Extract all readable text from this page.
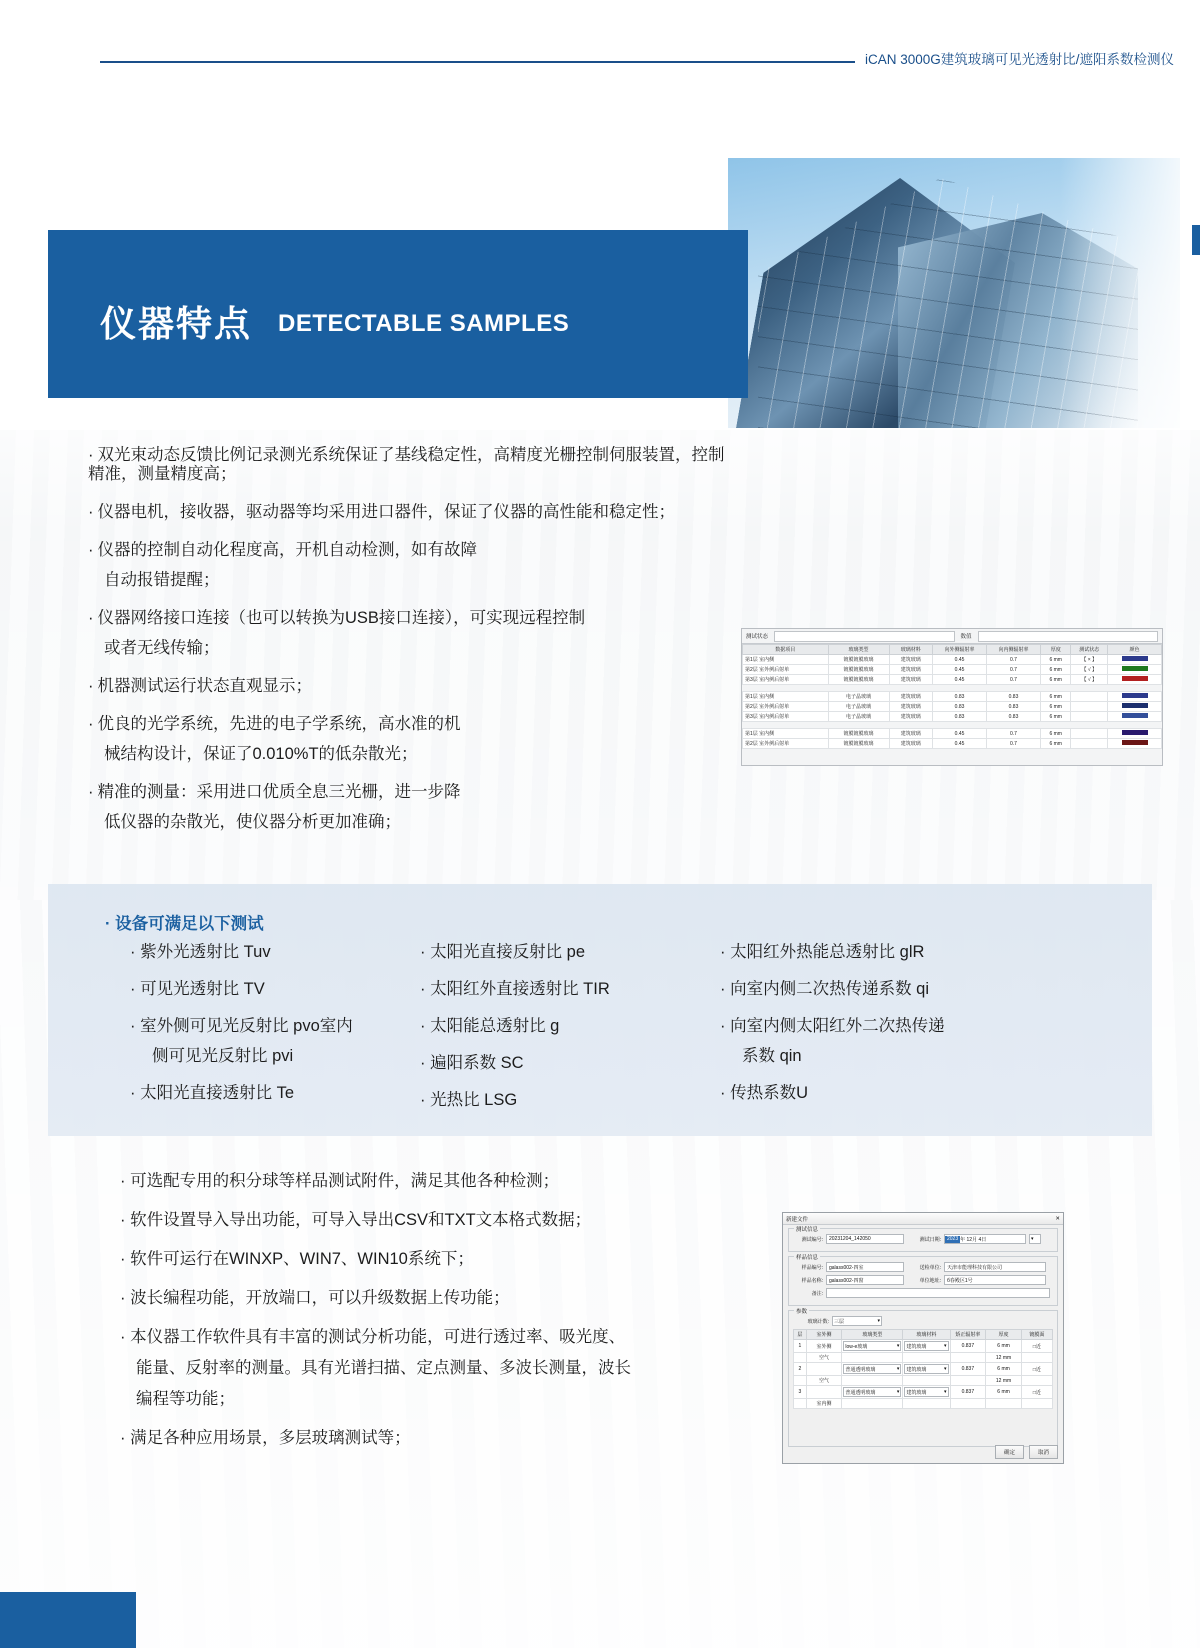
iCAN 3000G建筑玻璃可见光透射比/遮阳系数检测仪
仪器特点 DETECTABLE SAMPLES
· 双光束动态反馈比例记录测光系统保证了基线稳定性，高精度光栅控制伺服装置，控制精准，测量精度高；
· 仪器电机，接收器，驱动器等均采用进口器件，保证了仪器的高性能和稳定性；
· 仪器的控制自动化程度高，开机自动检测，如有故障
自动报错提醒；
· 仪器网络接口连接（也可以转换为USB接口连接），可实现远程控制
或者无线传输；
· 机器测试运行状态直观显示；
· 优良的光学系统，先进的电子学系统，高水准的机
械结构设计，保证了0.010%T的低杂散光；
· 精准的测量：采用进口优质全息三光栅，进一步降
低仪器的杂散光，使仪器分析更加准确；
测试状态	数值
数据项目	玻璃类型	玻璃材料	向外侧辐射率	向内侧辐射率	厚度	测试状态	颜色
第1层 室内侧	镀膜镀膜玻璃	建筑玻璃	0.45	0.7	6 mm	【 × 】	
第2层 室外例后射单	镀膜镀膜玻璃	建筑玻璃	0.45	0.7	6 mm	【 √ 】	
第3层 室内例后射单	镀膜镀膜玻璃	建筑玻璃	0.45	0.7	6 mm	【 √ 】	

第1层 室内侧	电子晶玻璃	建筑玻璃	0.83	0.83	6 mm		
第2层 室外例后射单	电子晶玻璃	建筑玻璃	0.83	0.83	6 mm		
第3层 室内例后射单	电子晶玻璃	建筑玻璃	0.83	0.83	6 mm		

第1层 室内侧	镀膜镀膜玻璃	建筑玻璃	0.45	0.7	6 mm		
第2层 室外例后射单	镀膜镀膜玻璃	建筑玻璃	0.45	0.7	6 mm		
· 设备可满足以下测试
· 紫外光透射比 Tuv
· 可见光透射比 TV
· 室外侧可见光反射比 pvo室内
侧可见光反射比 pvi
· 太阳光直接透射比 Te
· 太阳光直接反射比 pe
· 太阳红外直接透射比 TIR
· 太阳能总透射比 g
· 遍阳系数 SC
· 光热比 LSG
· 太阳红外热能总透射比 glR
· 向室内侧二次热传递系数 qi
· 向室内侧太阳红外二次热传递
系数 qin
· 传热系数U
· 可选配专用的积分球等样品测试附件，满足其他各种检测；
· 软件设置导入导出功能，可导入导出CSV和TXT文本格式数据；
· 软件可运行在WINXP、WIN7、WIN10系统下；
· 波长编程功能，开放端口，可以升级数据上传功能；
· 本仪器工作软件具有丰富的测试分析功能，可进行透过率、吸光度、
能量、反射率的测量。具有光谱扫描、定点测量、多波长测量，波长
编程等功能；
· 满足各种应用场景，多层玻璃测试等；
新建文件	✕
测试信息
测试编号:	20231204_142050	测试日期:	2023 年 12月 4日	▾
样品信息
样品编号:	galass002-四室	送检单位:	天津市能理科技有限公司
样品名称:	galass002-四窗	单位地址:	б春殿区1号
备注:
参数
玻璃计数: 三层	▾
层	室外侧	玻璃类型	玻璃材料	矫正辐射率	厚度	镀膜面
1	室外侧	low-e玻璃 ▾	建筑玻璃 ▾	0.837	6 mm	□近
	空气				12 mm	
2		普通透明玻璃 ▾	建筑玻璃 ▾	0.837	6 mm	□近
	空气				12 mm	
3		普通透明玻璃 ▾	建筑玻璃 ▾	0.837	6 mm	□近
	室内侧					
确定	取消
